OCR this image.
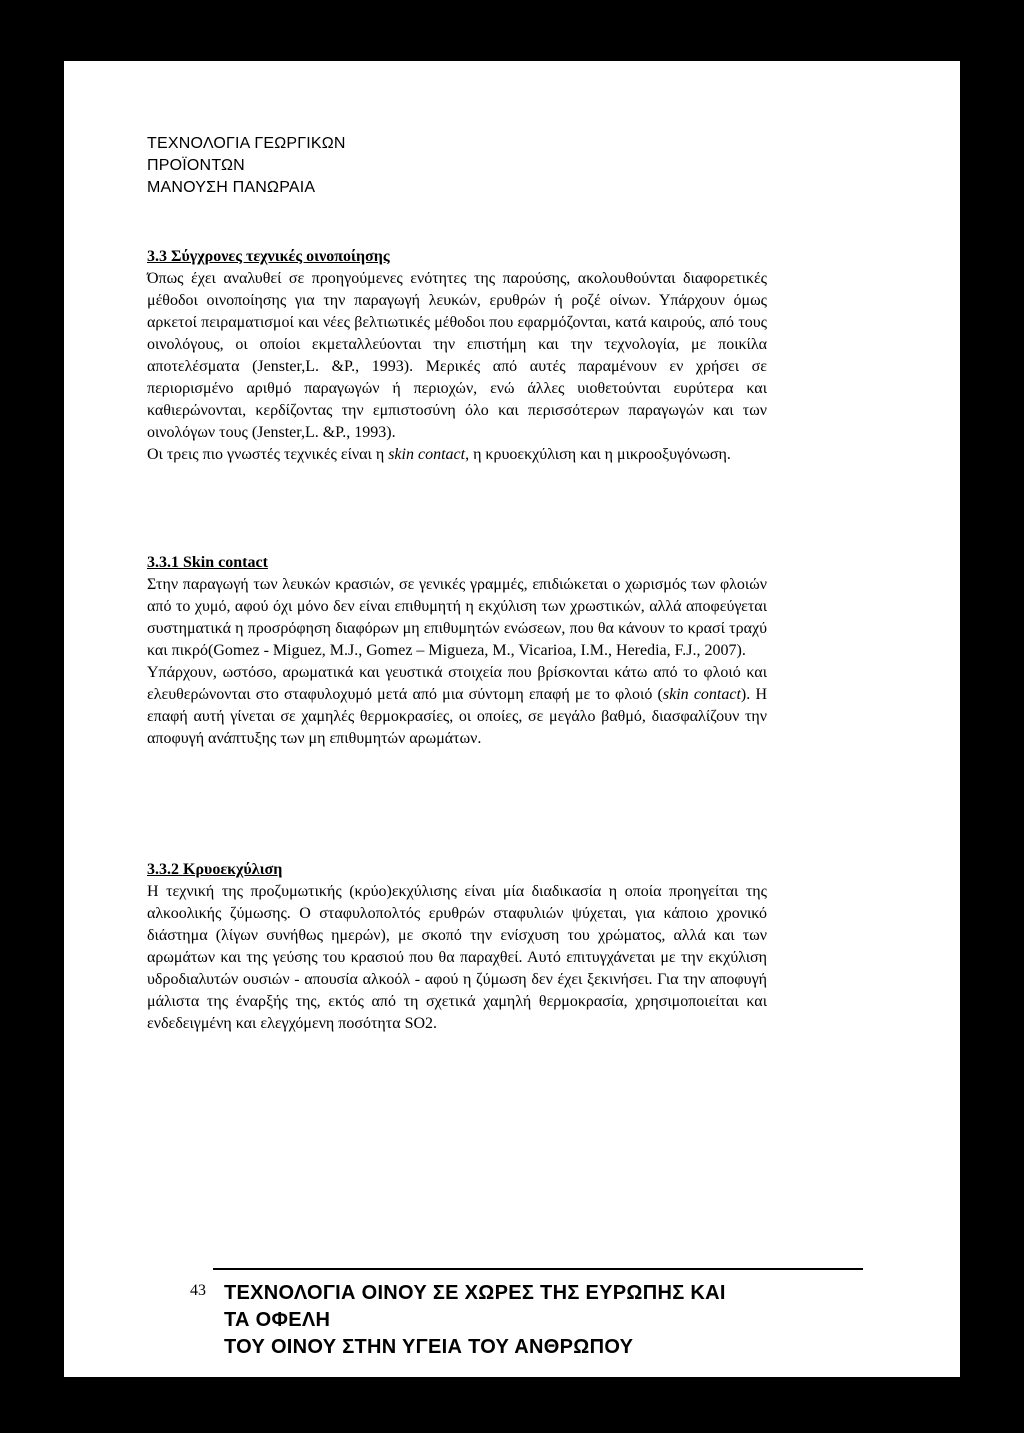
ΤΕΧΝΟΛΟΓΙΑ ΓΕΩΡΓΙΚΩΝ
ΠΡΟΪΟΝΤΩΝ
ΜΑΝΟΥΣΗ ΠΑΝΩΡΑΙΑ
3.3 Σύγχρονες τεχνικές οινοποίησης

Όπως έχει αναλυθεί σε προηγούμενες ενότητες της παρούσης, ακολουθούνται διαφορετικές μέθοδοι οινοποίησης για την παραγωγή λευκών, ερυθρών ή ροζέ οίνων. Υπάρχουν όμως αρκετοί πειραματισμοί και νέες βελτιωτικές μέθοδοι που εφαρμόζονται, κατά καιρούς, από τους οινολόγους, οι οποίοι εκμεταλλεύονται την επιστήμη και την τεχνολογία, με ποικίλα αποτελέσματα (Jenster,L. &P., 1993). Μερικές από αυτές παραμένουν εν χρήσει σε περιορισμένο αριθμό παραγωγών ή περιοχών, ενώ άλλες υιοθετούνται ευρύτερα και καθιερώνονται, κερδίζοντας την εμπιστοσύνη όλο και περισσότερων παραγωγών και των οινολόγων τους (Jenster,L. &P., 1993).

Οι τρεις πιο γνωστές τεχνικές είναι η skin contact, η κρυοεκχύλιση και η μικροοξυγόνωση.

3.3.1 Skin contact

Στην παραγωγή των λευκών κρασιών, σε γενικές γραμμές, επιδιώκεται ο χωρισμός των φλοιών από το χυμό, αφού όχι μόνο δεν είναι επιθυμητή η εκχύλιση των χρωστικών, αλλά αποφεύγεται συστηματικά η προσρόφηση διαφόρων μη επιθυμητών ενώσεων, που θα κάνουν το κρασί τραχύ και πικρό(Gomez - Miguez, M.J., Gomez – Migueza, M., Vicarioa, I.M., Heredia, F.J., 2007).

Υπάρχουν, ωστόσο, αρωματικά και γευστικά στοιχεία που βρίσκονται κάτω από το φλοιό και ελευθερώνονται στο σταφυλοχυμό μετά από μια σύντομη επαφή με το φλοιό (skin contact). Η επαφή αυτή γίνεται σε χαμηλές θερμοκρασίες, οι οποίες, σε μεγάλο βαθμό, διασφαλίζουν την αποφυγή ανάπτυξης των μη επιθυμητών αρωμάτων.

3.3.2 Κρυοεκχύλιση

Η τεχνική της προζυμωτικής (κρύο)εκχύλισης είναι μία διαδικασία η οποία προηγείται της αλκοολικής ζύμωσης. Ο σταφυλοπολτός ερυθρών σταφυλιών ψύχεται, για κάποιο χρονικό διάστημα (λίγων συνήθως ημερών), με σκοπό την ενίσχυση του χρώματος, αλλά και των αρωμάτων και της γεύσης του κρασιού που θα παραχθεί. Αυτό επιτυγχάνεται με την εκχύλιση υδροδιαλυτών ουσιών - απουσία αλκοόλ - αφού η ζύμωση δεν έχει ξεκινήσει. Για την αποφυγή μάλιστα της έναρξής της, εκτός από τη σχετικά χαμηλή θερμοκρασία, χρησιμοποιείται και ενδεδειγμένη και ελεγχόμενη ποσότητα SO2.

43 ΤΕΧΝΟΛΟΓΙΑ ΟΙΝΟΥ ΣΕ ΧΩΡΕΣ ΤΗΣ ΕΥΡΩΠΗΣ ΚΑΙ
ΤΑ ΟΦΕΛΗ
ΤΟΥ ΟΙΝΟΥ ΣΤΗΝ ΥΓΕΙΑ ΤΟΥ ΑΝΘΡΩΠΟΥ
